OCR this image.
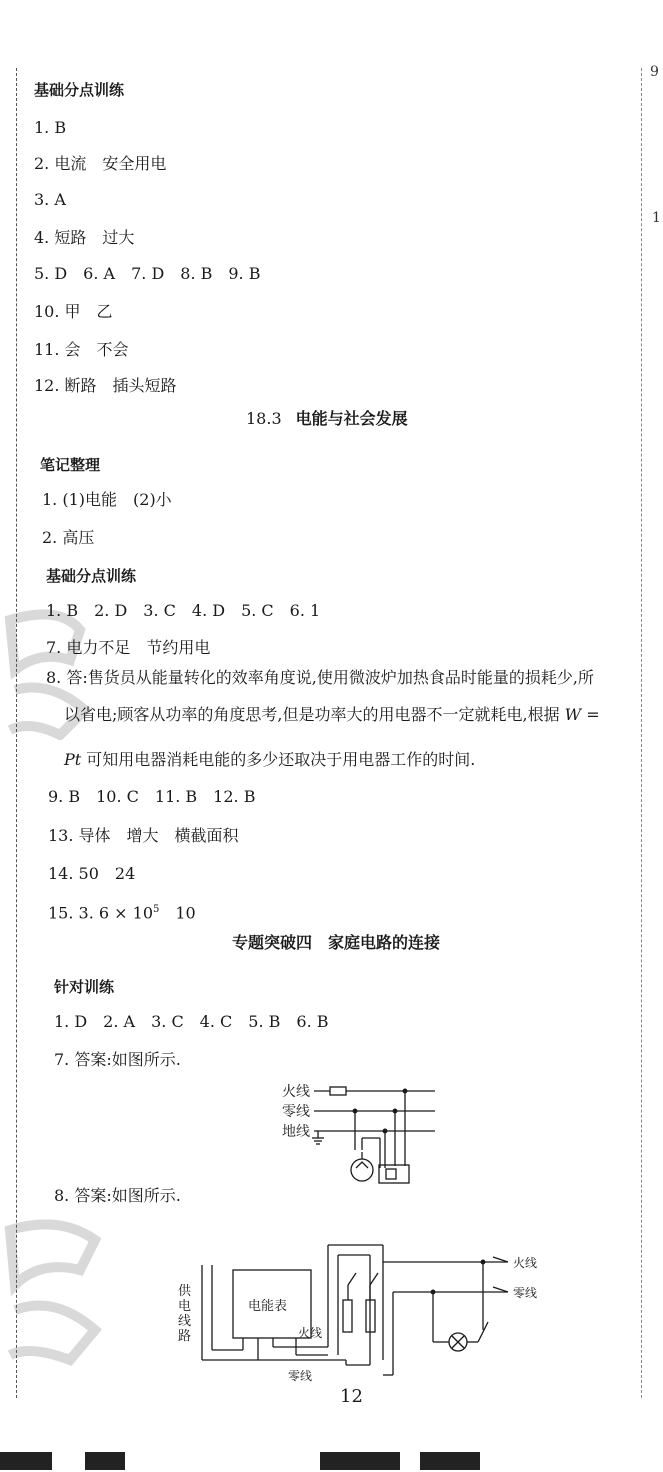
9
1
基础分点训练
1. B
2. 电流　安全用电
3. A
4. 短路　过大
5. D　6. A　7. D　8. B　9. B
10. 甲　乙
11. 会　不会
12. 断路　插头短路
18.3 电能与社会发展
笔记整理
1. (1)电能　(2)小
2. 高压
基础分点训练
1. B　2. D　3. C　4. D　5. C　6. 1
7. 电力不足　节约用电
8. 答:售货员从能量转化的效率角度说,使用微波炉加热食品时能量的损耗少,所
以省电;顾客从功率的角度思考,但是功率大的用电器不一定就耗电,根据 W =
Pt 可知用电器消耗电能的多少还取决于用电器工作的时间.
9. B　10. C　11. B　12. B
13. 导体　增大　横截面积
14. 50　24
15. 3. $6 \times 10^5$ 10
专题突破四　家庭电路的连接
针对训练
1. D　2. A　3. C　4. C　5. B　6. B
7. 答案:如图所示.
火线
零线
地线
8. 答案:如图所示.
供
电
线
路
电能表
火线
零线
火线
零线
12
